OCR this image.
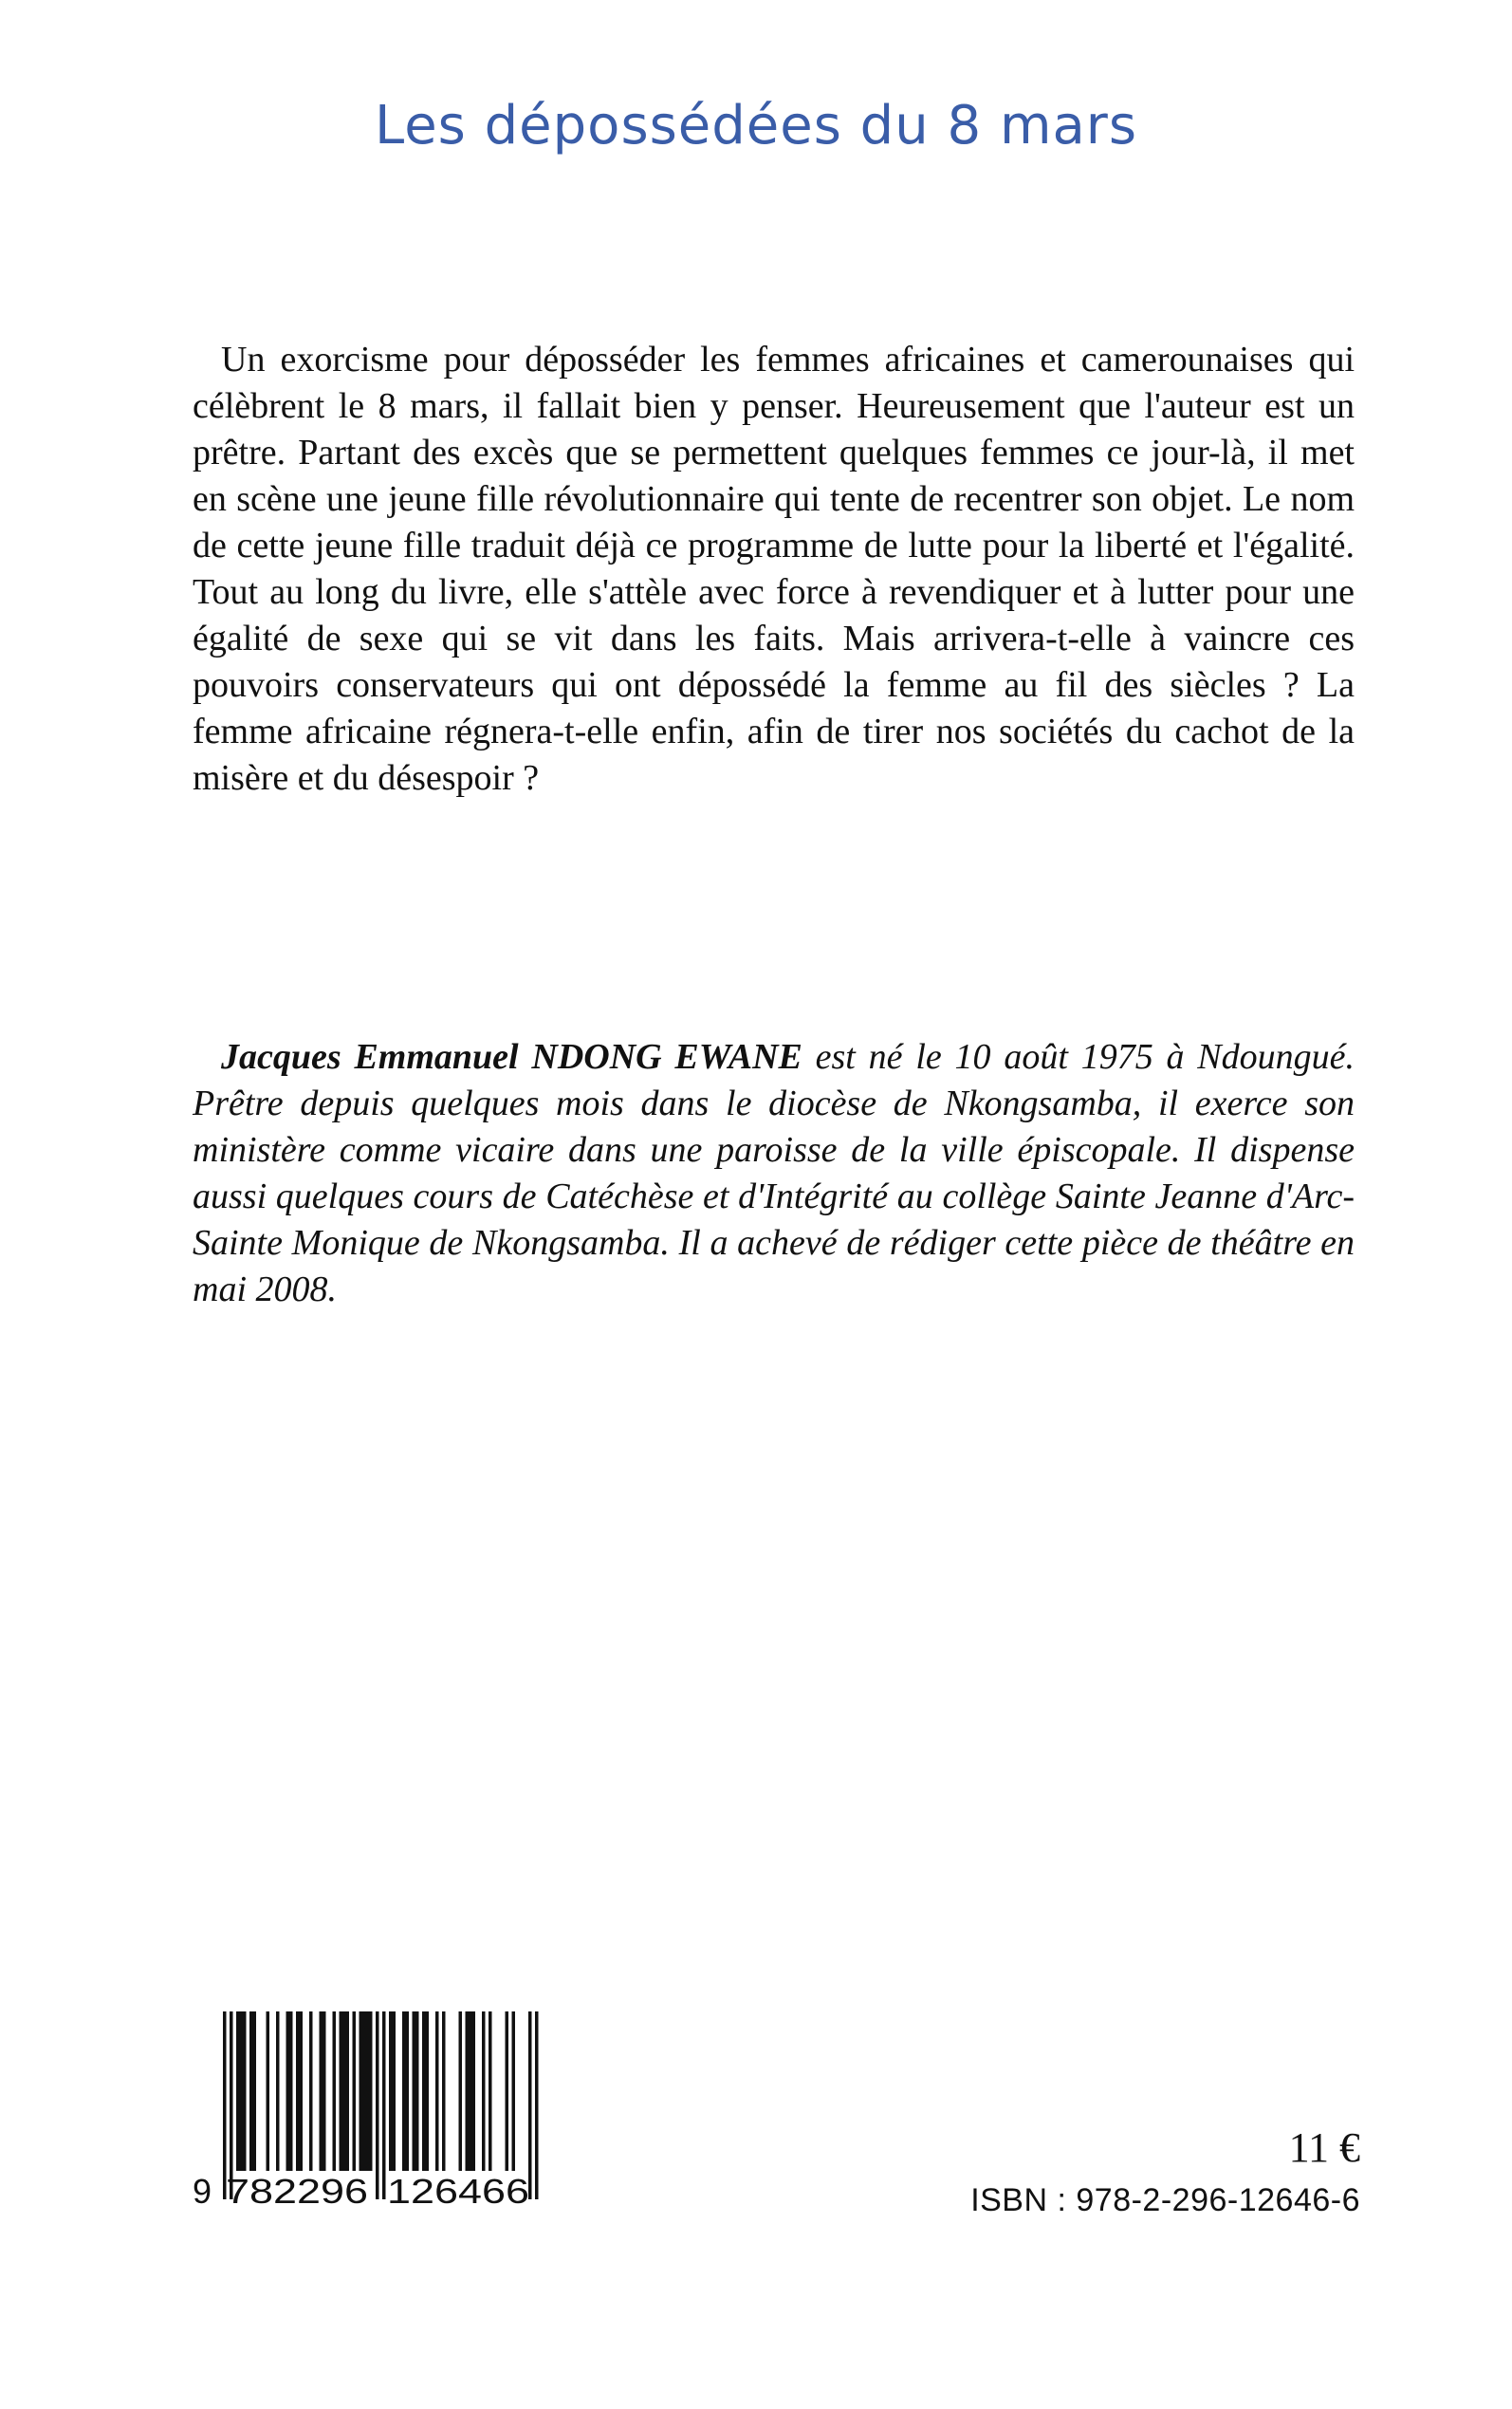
Les dépossédées du 8 mars

Un exorcisme pour déposséder les femmes africaines et camerounaises qui célèbrent le 8 mars, il fallait bien y penser. Heureusement que l'auteur est un prêtre. Partant des excès que se permettent quelques femmes ce jour-là, il met en scène une jeune fille révolutionnaire qui tente de recentrer son objet. Le nom de cette jeune fille traduit déjà ce programme de lutte pour la liberté et l'égalité. Tout au long du livre, elle s'attèle avec force à revendiquer et à lutter pour une égalité de sexe qui se vit dans les faits. Mais arrivera-t-elle à vaincre ces pouvoirs conservateurs qui ont dépossédé la femme au fil des siècles ? La femme africaine régnera-t-elle enfin, afin de tirer nos sociétés du cachot de la misère et du désespoir ?

Jacques Emmanuel NDONG EWANE est né le 10 août 1975 à Ndoungué. Prêtre depuis quelques mois dans le diocèse de Nkongsamba, il exerce son ministère comme vicaire dans une paroisse de la ville épiscopale. Il dispense aussi quelques cours de Catéchèse et d'Intégrité au collège Sainte Jeanne d'Arc-Sainte Monique de Nkongsamba. Il a achevé de rédiger cette pièce de théâtre en mai 2008.

9 782296 126466
11 €
ISBN : 978-2-296-12646-6
